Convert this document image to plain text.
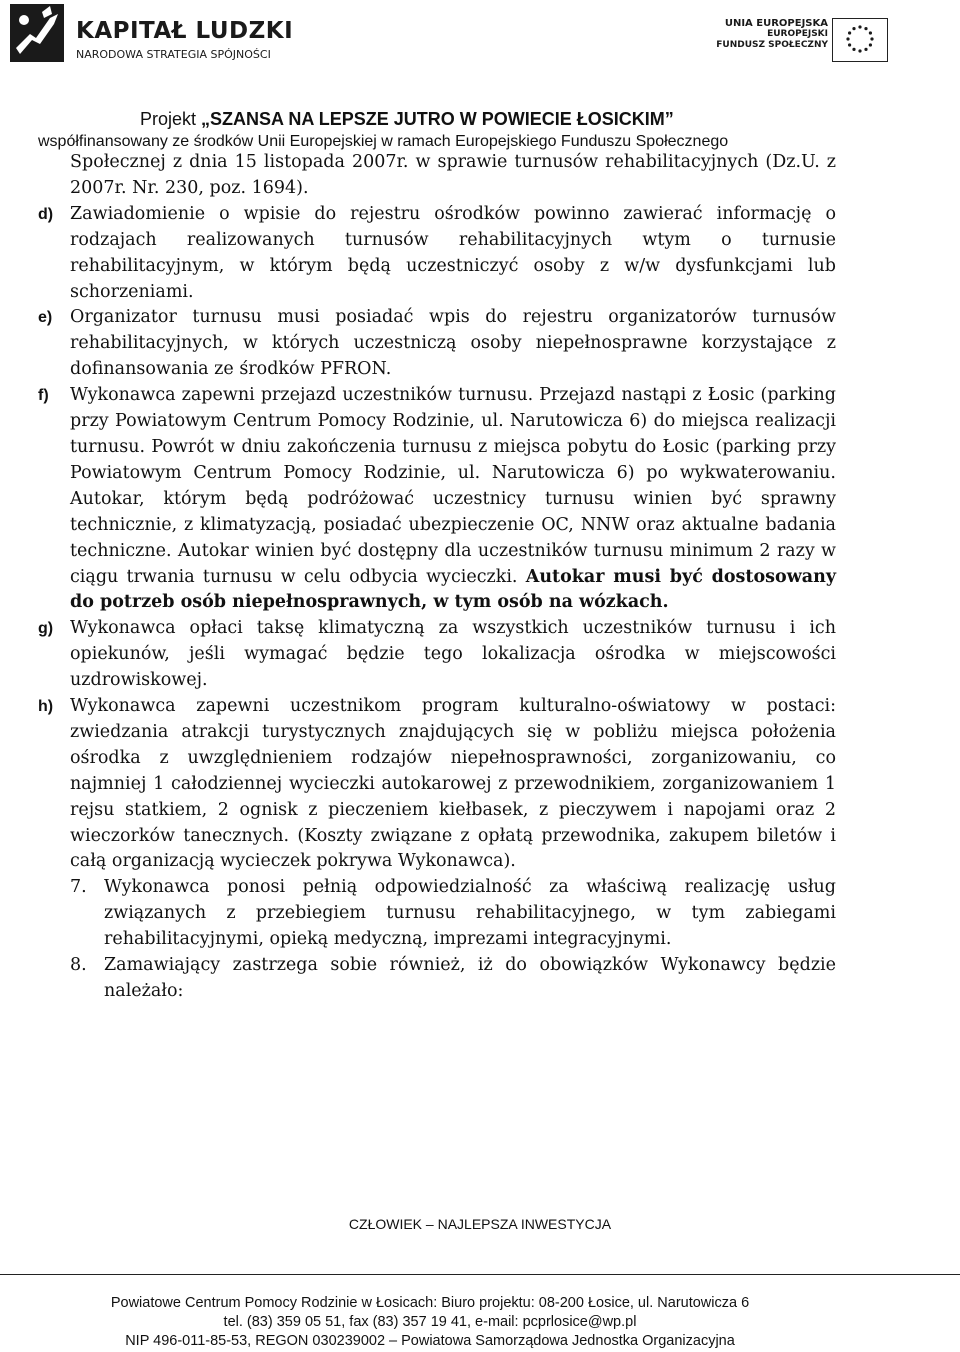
KAPITAŁ LUDZKI
NARODOWA STRATEGIA SPÓJNOŚCI
UNIA EUROPEJSKA
EUROPEJSKI
FUNDUSZ SPOŁECZNY
Projekt „SZANSA NA LEPSZE JUTRO W POWIECIE ŁOSICKIM”
współfinansowany ze środków Unii Europejskiej w ramach Europejskiego Funduszu Społecznego
Społecznej z dnia 15 listopada 2007r. w sprawie turnusów rehabilitacyjnych (Dz.U. z 2007r. Nr. 230, poz. 1694).
d) Zawiadomienie o wpisie do rejestru ośrodków powinno zawierać informację o rodzajach realizowanych turnusów rehabilitacyjnych wtym o turnusie rehabilitacyjnym, w którym będą uczestniczyć osoby z w/w dysfunkcjami lub schorzeniami.
e) Organizator turnusu musi posiadać wpis do rejestru organizatorów turnusów rehabilitacyjnych, w których uczestniczą osoby niepełnosprawne korzystające z dofinansowania ze środków PFRON.
f) Wykonawca zapewni przejazd uczestników turnusu. Przejazd nastąpi z Łosic (parking przy Powiatowym Centrum Pomocy Rodzinie, ul. Narutowicza 6) do miejsca realizacji turnusu. Powrót w dniu zakończenia turnusu z miejsca pobytu do Łosic (parking przy Powiatowym Centrum Pomocy Rodzinie, ul. Narutowicza 6) po wykwaterowaniu. Autokar, którym będą podróżować uczestnicy turnusu winien być sprawny technicznie, z klimatyzacją, posiadać ubezpieczenie OC, NNW oraz aktualne badania techniczne. Autokar winien być dostępny dla uczestników turnusu minimum 2 razy w ciągu trwania turnusu w celu odbycia wycieczki. Autokar musi być dostosowany do potrzeb osób niepełnosprawnych, w tym osób na wózkach.
g) Wykonawca opłaci taksę klimatyczną za wszystkich uczestników turnusu i ich opiekunów, jeśli wymagać będzie tego lokalizacja ośrodka w miejscowości uzdrowiskowej.
h) Wykonawca zapewni uczestnikom program kulturalno-oświatowy w postaci: zwiedzania atrakcji turystycznych znajdujących się w pobliżu miejsca położenia ośrodka z uwzględnieniem rodzajów niepełnosprawności, zorganizowaniu, co najmniej 1 całodziennej wycieczki autokarowej z przewodnikiem, zorganizowaniem 1 rejsu statkiem, 2 ognisk z pieczeniem kiełbasek, z pieczywem i napojami oraz 2 wieczorków tanecznych. (Koszty związane z opłatą przewodnika, zakupem biletów i całą organizacją wycieczek pokrywa Wykonawca).
7. Wykonawca ponosi pełnią odpowiedzialność za właściwą realizację usług związanych z przebiegiem turnusu rehabilitacyjnego, w tym zabiegami rehabilitacyjnymi, opieką medyczną, imprezami integracyjnymi.
8. Zamawiający zastrzega sobie również, iż do obowiązków Wykonawcy będzie należało:
CZŁOWIEK – NAJLEPSZA INWESTYCJA
Powiatowe Centrum Pomocy Rodzinie w Łosicach: Biuro projektu: 08-200 Łosice, ul. Narutowicza 6
tel. (83) 359 05 51, fax (83) 357 19 41, e-mail: pcprlosice@wp.pl
NIP 496-011-85-53, REGON 030239002 – Powiatowa Samorządowa Jednostka Organizacyjna
